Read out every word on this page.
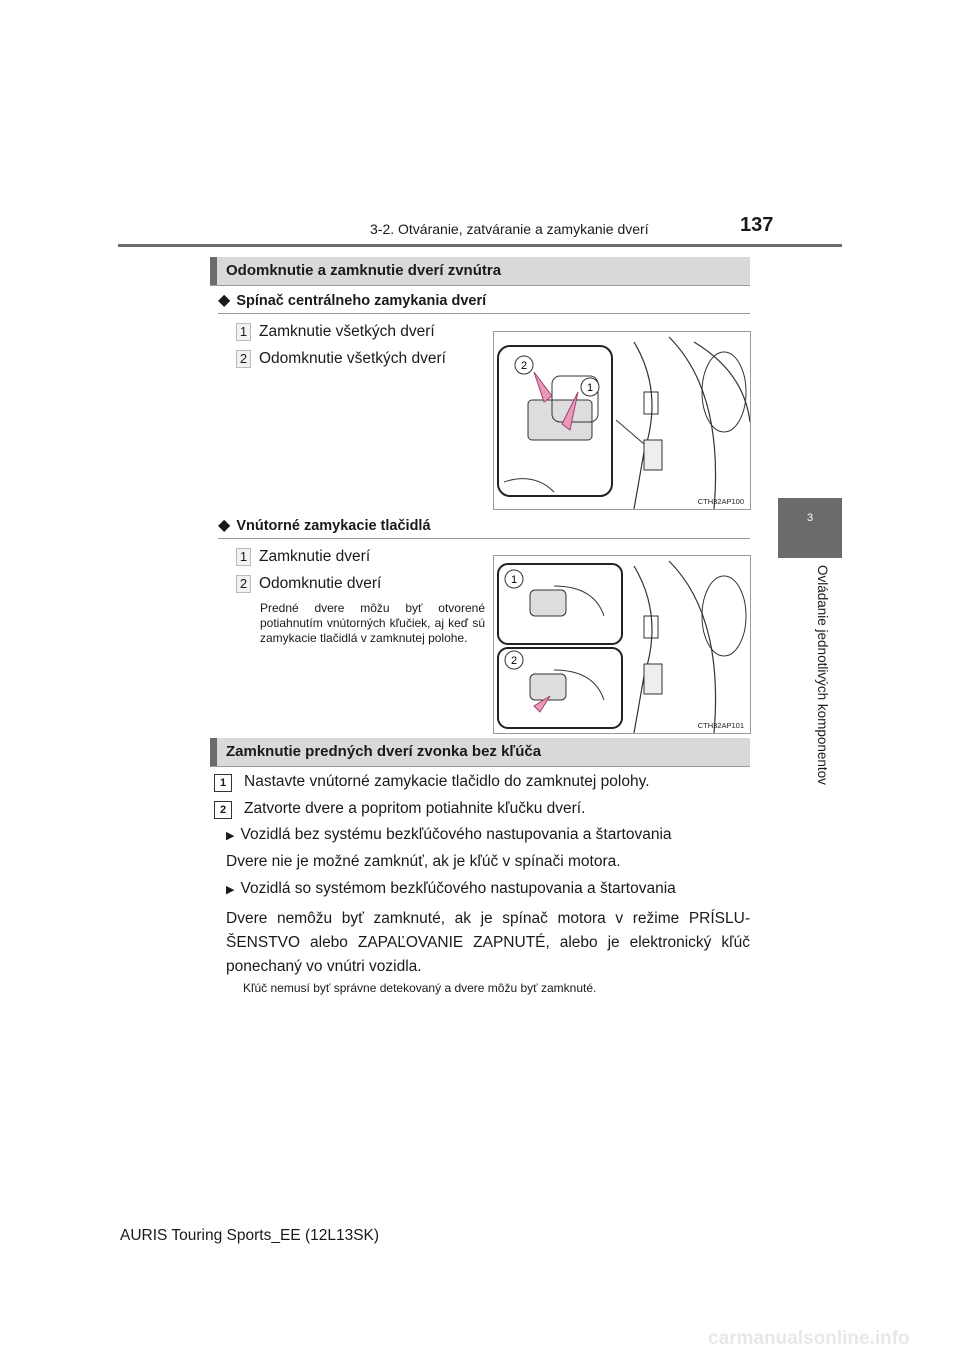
3-2. Otváranie, zatváranie a zamykanie dverí	137
3
Ovládanie jednotlivých komponentov
Odomknutie a zamknutie dverí zvnútra
◆ Spínač centrálneho zamykania dverí
1 Zamknutie všetkých dverí
2 Odomknutie všetkých dverí	2
1
CTH32AP100
◆ Vnútorné zamykacie tlačidlá
1 Zamknutie dverí
2 Odomknutie dverí
Predné dvere môžu byť otvorené potiahnutím vnútorných kľučiek, aj keď sú zamykacie tlačidlá v zamknutej polohe.
1
2
CTH32AP101
Zamknutie predných dverí zvonka bez kľúča
1 Nastavte vnútorné zamykacie tlačidlo do zamknutej polohy.
2 Zatvorte dvere a popritom potiahnite kľučku dverí.
▶ Vozidlá bez systému bezkľúčového nastupovania a štartovania
Dvere nie je možné zamknúť, ak je kľúč v spínači motora.
▶ Vozidlá so systémom bezkľúčového nastupovania a štartovania
Dvere nemôžu byť zamknuté, ak je spínač motora v režime PRÍSLU-ŠENSTVO alebo ZAPAĽOVANIE ZAPNUTÉ, alebo je elektronický kľúč ponechaný vo vnútri vozidla.
Kľúč nemusí byť správne detekovaný a dvere môžu byť zamknuté.
AURIS Touring Sports_EE (12L13SK)
carmanualsonline.info
